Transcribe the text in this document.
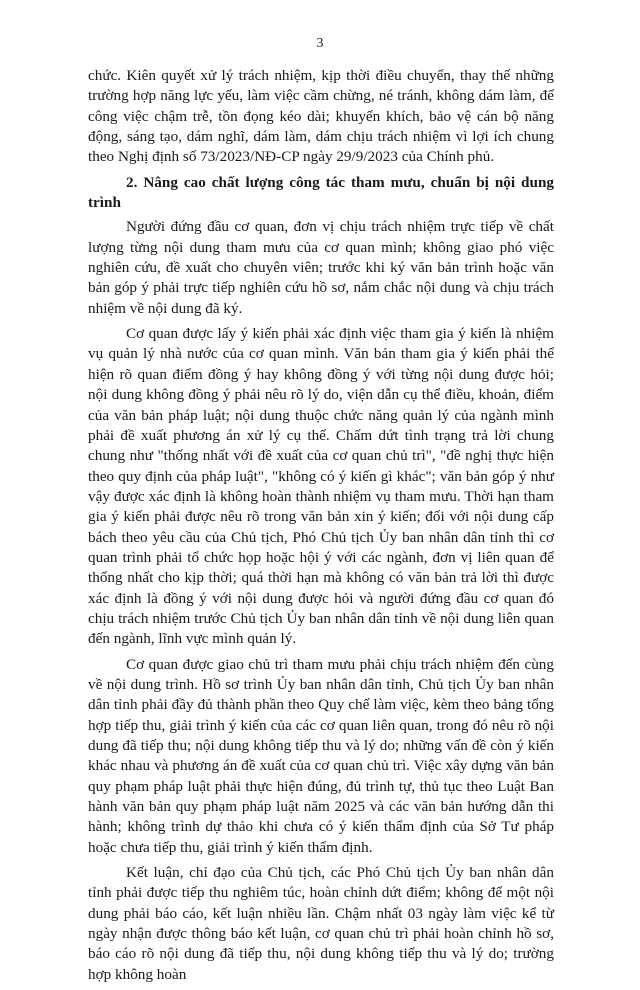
3

chức. Kiên quyết xử lý trách nhiệm, kịp thời điều chuyển, thay thế những trường hợp năng lực yếu, làm việc cầm chừng, né tránh, không dám làm, để công việc chậm trễ, tồn đọng kéo dài; khuyến khích, bảo vệ cán bộ năng động, sáng tạo, dám nghĩ, dám làm, dám chịu trách nhiệm vì lợi ích chung theo Nghị định số 73/2023/NĐ-CP ngày 29/9/2023 của Chính phủ.

2. Nâng cao chất lượng công tác tham mưu, chuẩn bị nội dung trình

Người đứng đầu cơ quan, đơn vị chịu trách nhiệm trực tiếp về chất lượng từng nội dung tham mưu của cơ quan mình; không giao phó việc nghiên cứu, đề xuất cho chuyên viên; trước khi ký văn bản trình hoặc văn bản góp ý phải trực tiếp nghiên cứu hồ sơ, nắm chắc nội dung và chịu trách nhiệm về nội dung đã ký.

Cơ quan được lấy ý kiến phải xác định việc tham gia ý kiến là nhiệm vụ quản lý nhà nước của cơ quan mình. Văn bản tham gia ý kiến phải thể hiện rõ quan điểm đồng ý hay không đồng ý với từng nội dung được hỏi; nội dung không đồng ý phải nêu rõ lý do, viện dẫn cụ thể điều, khoản, điểm của văn bản pháp luật; nội dung thuộc chức năng quản lý của ngành mình phải đề xuất phương án xử lý cụ thể. Chấm dứt tình trạng trả lời chung chung như "thống nhất với đề xuất của cơ quan chủ trì", "đề nghị thực hiện theo quy định của pháp luật", "không có ý kiến gì khác"; văn bản góp ý như vậy được xác định là không hoàn thành nhiệm vụ tham mưu. Thời hạn tham gia ý kiến phải được nêu rõ trong văn bản xin ý kiến; đối với nội dung cấp bách theo yêu cầu của Chủ tịch, Phó Chủ tịch Ủy ban nhân dân tỉnh thì cơ quan trình phải tổ chức họp hoặc hội ý với các ngành, đơn vị liên quan để thống nhất cho kịp thời; quá thời hạn mà không có văn bản trả lời thì được xác định là đồng ý với nội dung được hỏi và người đứng đầu cơ quan đó chịu trách nhiệm trước Chủ tịch Ủy ban nhân dân tỉnh về nội dung liên quan đến ngành, lĩnh vực mình quản lý.

Cơ quan được giao chủ trì tham mưu phải chịu trách nhiệm đến cùng về nội dung trình. Hồ sơ trình Ủy ban nhân dân tỉnh, Chủ tịch Ủy ban nhân dân tỉnh phải đầy đủ thành phần theo Quy chế làm việc, kèm theo bảng tổng hợp tiếp thu, giải trình ý kiến của các cơ quan liên quan, trong đó nêu rõ nội dung đã tiếp thu; nội dung không tiếp thu và lý do; những vấn đề còn ý kiến khác nhau và phương án đề xuất của cơ quan chủ trì. Việc xây dựng văn bản quy phạm pháp luật phải thực hiện đúng, đủ trình tự, thủ tục theo Luật Ban hành văn bản quy phạm pháp luật năm 2025 và các văn bản hướng dẫn thi hành; không trình dự thảo khi chưa có ý kiến thẩm định của Sở Tư pháp hoặc chưa tiếp thu, giải trình ý kiến thẩm định.

Kết luận, chỉ đạo của Chủ tịch, các Phó Chủ tịch Ủy ban nhân dân tỉnh phải được tiếp thu nghiêm túc, hoàn chỉnh dứt điểm; không để một nội dung phải báo cáo, kết luận nhiều lần. Chậm nhất 03 ngày làm việc kể từ ngày nhận được thông báo kết luận, cơ quan chủ trì phải hoàn chỉnh hồ sơ, báo cáo rõ nội dung đã tiếp thu, nội dung không tiếp thu và lý do; trường hợp không hoàn
